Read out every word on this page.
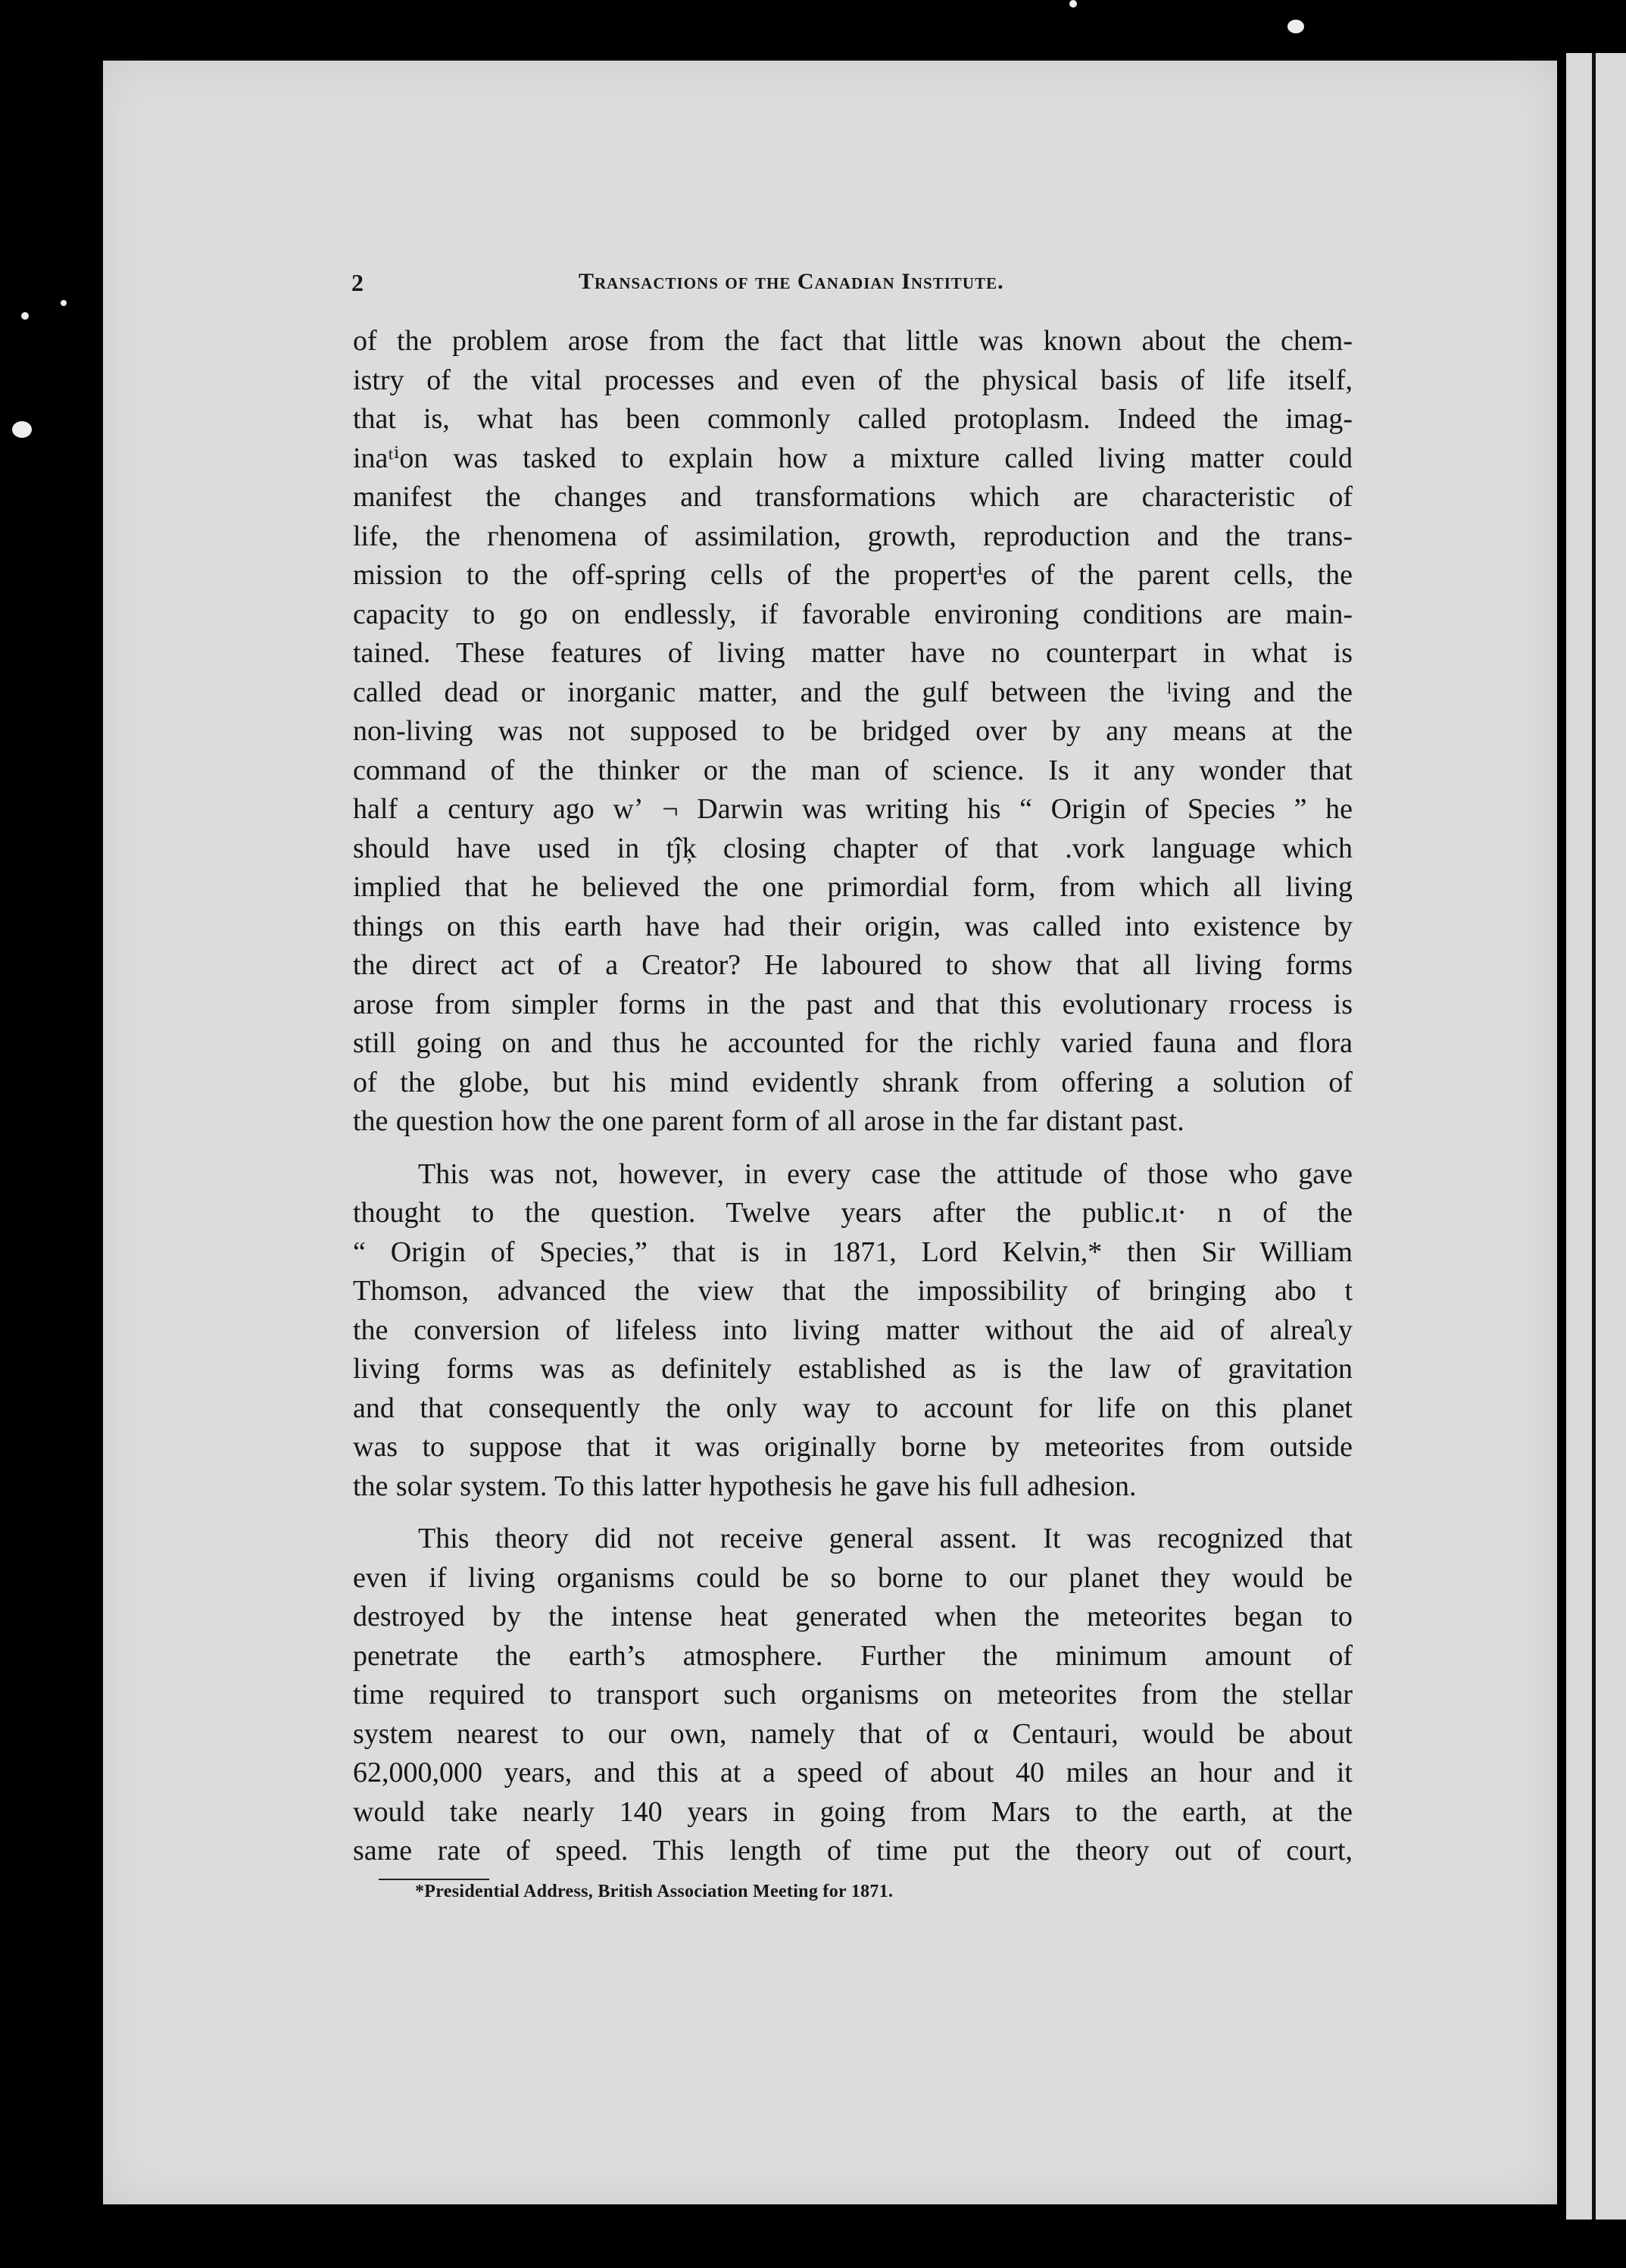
2	Transactions of the Canadian Institute.
of the problem arose from the fact that little was known about the chem-
istry of the vital processes and even of the physical basis of life itself,
that is, what has been commonly called protoplasm. Indeed the imag-
inaᵗⁱon was tasked to explain how a mixture called living matter could
manifest the changes and transformations which are characteristic of
life, the гhenomena of assimilation, growth, reproduction and the trans-
mission to the off-spring cells of the propertⁱes of the parent cells, the
capacity to go on endlessly, if favorable environing conditions are main-
tained. These features of living matter have no counterpart in what is
called dead or inorganic matter, and the gulf between the ˡiving and the
non-living was not supposed to be bridged over by any means at the
command of the thinker or the man of science. Is it any wonder that
half a century ago wʼ ¬ Darwin was writing his “ Origin of Species ” he
should have used in tĵķ closing chapter of that .vork language which
implied that he believed the one primordial form, from which all living
things on this earth have had their origin, was called into existence by
the direct act of a Creator? He laboured to show that all living forms
arose from simpler forms in the past and that this evolutionary гrocess is
still going on and thus he accounted for the richly varied fauna and flora
of the globe, but his mind evidently shrank from offering a solution of
the question how the one parent form of all arose in the far distant past.
This was not, however, in every case the attitude of those who gave
thought to the question. Twelve years after the public.ıt· n of the
“ Origin of Species,” that is in 1871, Lord Kelvin,* then Sir William
Thomson, advanced the view that the impossibility of bringing abo t
the conversion of lifeless into living matter without the aid of alreaʅy
living forms was as definitely established as is the law of gravitation
and that consequently the only way to account for life on this planet
was to suppose that it was originally borne by meteorites from outside
the solar system. To this latter hypothesis he gave his full adhesion.
This theory did not receive general assent. It was recognized that
even if living organisms could be so borne to our planet they would be
destroyed by the intense heat generated when the meteorites began to
penetrate the earth’s atmosphere. Further the minimum amount of
time required to transport such organisms on meteorites from the stellar
system nearest to our own, namely that of α Centauri, would be about
62,000,000 years, and this at a speed of about 40 miles an hour and it
would take nearly 140 years in going from Mars to the earth, at the
same rate of speed. This length of time put the theory out of court,
*Presidential Address, British Association Meeting for 1871.
